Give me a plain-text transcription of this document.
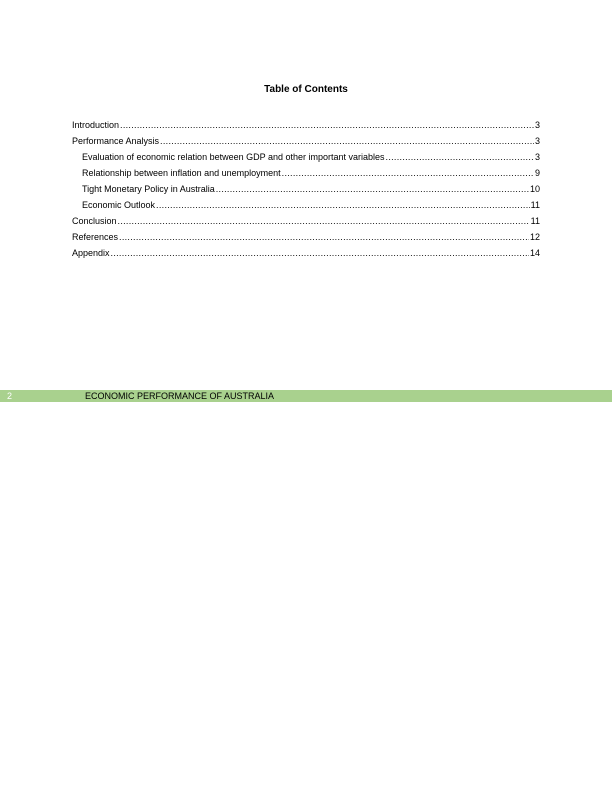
Table of Contents
Introduction .....	3
Performance Analysis .....	3
Evaluation of economic relation between GDP and other important variables .....	3
Relationship between inflation and unemployment .....	9
Tight Monetary Policy in Australia .....	10
Economic Outlook .....	11
Conclusion .....	11
References .....	12
Appendix .....	14
2	ECONOMIC PERFORMANCE OF AUSTRALIA
